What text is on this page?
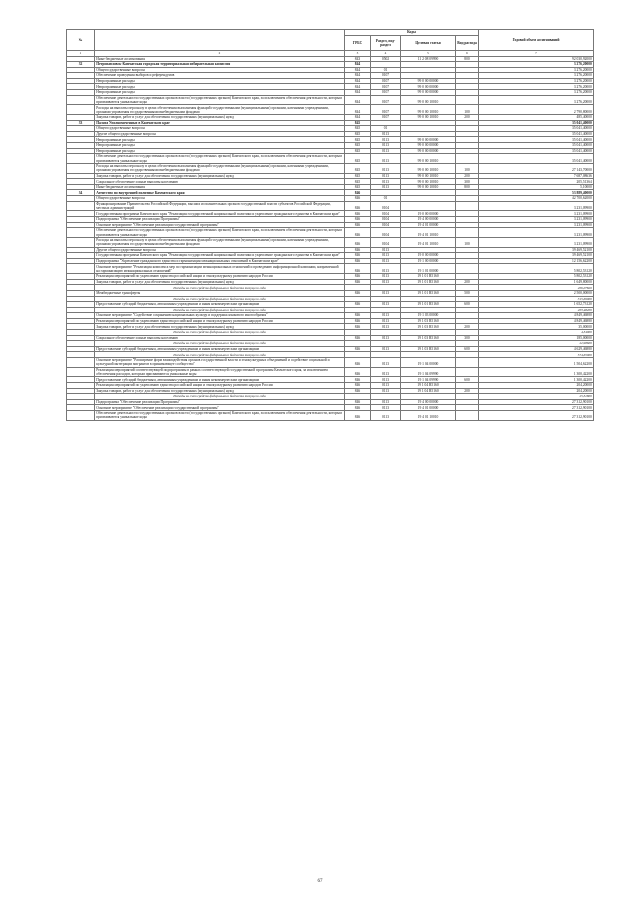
№		Коды				Годовой объем ассигнований
		ГРБС	Раздел, под-раздел	Целевая статья	Вид расхода	
1	2	3	4	5	6	7
	Иные бюджетные ассигнования	843	0502	11 2 08 09990	800	92 030,92000
32	Петропавловск-Камчатская городская территориальная избирательная комиссия	844				3 276,20000
	Общегосударственные вопросы	844	01			3 276,20000
	Обеспечение проведения выборов и референдумов	844	0107			3 276,20000
	Непрограммные расходы	844	0107	99 0 00 00000		3 276,20000
	Непрограммные расходы	844	0107	99 0 00 00000		3 276,20000
	Непрограммные расходы	844	0107	99 0 00 00000		3 276,20000
	Обеспечение деятельности государственных органов власти (государственных органов) Камчатского края, за исключением обеспечения деятельности, которым присваиваются уникальные коды	844	0107	99 0 00 10010		3 276,20000
	Расходы на выплаты персоналу в целях обеспечения выполнения функций государственными (муниципальными) органами, казенными учреждениями, органами управления государственными внебюджетными фондами	844	0107	99 0 00 10010	100	2 790,80000
	Закупка товаров, работ и услуг для обеспечения государственных (муниципальных) нужд	844	0107	99 0 00 10010	200	485,40000
33	Палата Уполномоченных в Камчатском крае	845				35 041,40000
	Общегосударственные вопросы	845	01			35 041,40000
	Другие общегосударственные вопросы	845	0113			35 041,40000
	Непрограммные расходы	845	0113	99 0 00 00000		35 041,40000
	Непрограммные расходы	845	0113	99 0 00 00000		35 041,40000
	Непрограммные расходы	845	0113	99 0 00 00000		35 041,40000
	Обеспечение деятельности государственных органов власти (государственных органов) Камчатского края, за исключением обеспечения деятельности, которым присваиваются уникальные коды	845	0113	99 0 00 10010		35 041,40000
	Расходы на выплаты персоналу в целях обеспечения выполнения функций государственными (муниципальными) органами, казенными учреждениями, органами управления государственными внебюджетными фондами	845	0113	99 0 00 10010	100	27 143,70000
	Закупка товаров, работ и услуг для обеспечения государственных (муниципальных) нужд	845	0113	99 0 00 10010	200	7 687,08636
	Социальное обеспечение и иные выплаты населению	845	0113	99 0 00 10010	300	205,51364
	Иные бюджетные ассигнования	845	0113	99 0 00 10010	800	5,10000
34	Агентство по внутренней политике Камчатского края	846				53 889,40000
	Общегосударственные вопросы	846	01			42 700,62000
	Функционирование Правительства Российской Федерации, высших исполнительных органов государственной власти субъектов Российской Федерации, местных администраций	846	0104			3 231,09900
	Государственная программа Камчатского края "Реализация государственной национальной политики и укрепление гражданского единства в Камчатском крае"	846	0104	19 0 00 00000		3 231,09900
	Подпрограмма "Обеспечение реализации Программы"	846	0104	19 4 00 00000		3 231,09900
	Основное мероприятие "Обеспечение реализации государственной программы"	846	0104	19 4 01 00000		3 231,09900
	Обеспечение деятельности государственных органов власти (государственных органов) Камчатского края, за исключением обеспечения деятельности, которым присваиваются уникальные коды	846	0104	19 4 01 10010		3 231,09900
	Расходы на выплаты персоналу в целях обеспечения выполнения функций государственными (муниципальными) органами, казенными учреждениями, органами управления государственными внебюджетными фондами	846	0104	19 4 01 10010	100	3 231,09900
	Другие общегосударственные вопросы	846	0113			39 469,52100
	Государственная программа Камчатского края "Реализация государственной национальной политики и укрепление гражданского единства в Камчатском крае"	846	0113	19 0 00 00000		39 469,52100
	Подпрограмма "Укрепление гражданского единства и гармонизация межнациональных отношений в Камчатском крае"	846	0113	19 1 00 00000		12 156,62200
	Основное мероприятие "Реализация комплекса мер по гармонизации межнациональных отношений и проведению информационной кампании, направленной на гармонизацию межнациональных отношений"	846	0113	19 1 01 00000		5 802,53120
	Реализация мероприятий по укреплению единства российской нации и этнокультурному развитию народов России	846	0113	19 1 01 R5160		5 802,53120
	Закупка товаров, работ и услуг для обеспечения государственных (муниципальных) нужд	846	0113	19 1 01 R5160	200	1 649,80000
	Расходы за счет средств федерального бюджета текущего года					206,07820
	Межбюджетные трансферты	846	0113	19 1 01 R5160	500	2 500,00000
	Расходы за счет средств федерального бюджета текущего года					315,69900
	Предоставление субсидий бюджетным, автономным учреждениям и иным некоммерческим организациям	846	0113	19 1 01 R5160	600	1 652,73120
	Расходы за счет средств федерального бюджета текущего года					203,48200
	Основное мероприятие "Содействие сохранению национальных культур и поддержка языкового многообразия"	846	0113	19 1 03 00000		4 849,46880
	Реализация мероприятий по укреплению единства российской нации и этнокультурному развитию народов России	846	0113	19 1 03 R5160		4 849,46880
	Закупка товаров, работ и услуг для обеспечения государственных (муниципальных) нужд	846	0113	19 1 03 R5160	200	35,00000
	Расходы за счет средств федерального бюджета текущего года					4,34900
	Социальное обеспечение и иные выплаты населению	846	0113	19 1 03 R5160	300	185,00000
	Расходы за счет средств федерального бюджета текущего года					22,98600
	Предоставление субсидий бюджетным, автономным учреждениям и иным некоммерческим организациям	846	0113	19 1 03 R5160	600	4 629,46880
	Расходы за счет средств федерального бюджета текущего года					574,65900
	Основное мероприятие "Расширение форм взаимодействия органов государственной власти и этнокультурных объединений и содействие социальной и культурной интеграции мигрантов в принимающее сообщество"	846	0113	19 1 04 00000		1 504,62200
	Реализация мероприятий соответствующей подпрограммы в рамках соответствующей государственной программы Камчатского края, за исключением обеспечения расходов, которым присваиваются уникальные коды	846	0113	19 1 04 09990		1 300,42200
	Предоставление субсидий бюджетным, автономным учреждениям и иным некоммерческим организациям	846	0113	19 1 04 09990	600	1 300,42200
	Реализация мероприятий по укреплению единства российской нации и этнокультурному развитию народов России	846	0113	19 1 04 R5160		204,20000
	Закупка товаров, работ и услуг для обеспечения государственных (муниципальных) нужд	846	0113	19 1 04 R5160	200	204,20000
	Расходы за счет средств федерального бюджета текущего года					25,32800
	Подпрограмма "Обеспечение реализации Программы"	846	0113	19 4 00 00000		27 312,90100
	Основное мероприятие "Обеспечение реализации государственной программы"	846	0113	19 4 01 00000		27 312,90100
	Обеспечение деятельности государственных органов власти (государственных органов) Камчатского края, за исключением обеспечения деятельности, которым присваиваются уникальные коды	846	0113	19 4 01 10010		27 312,90100
67
